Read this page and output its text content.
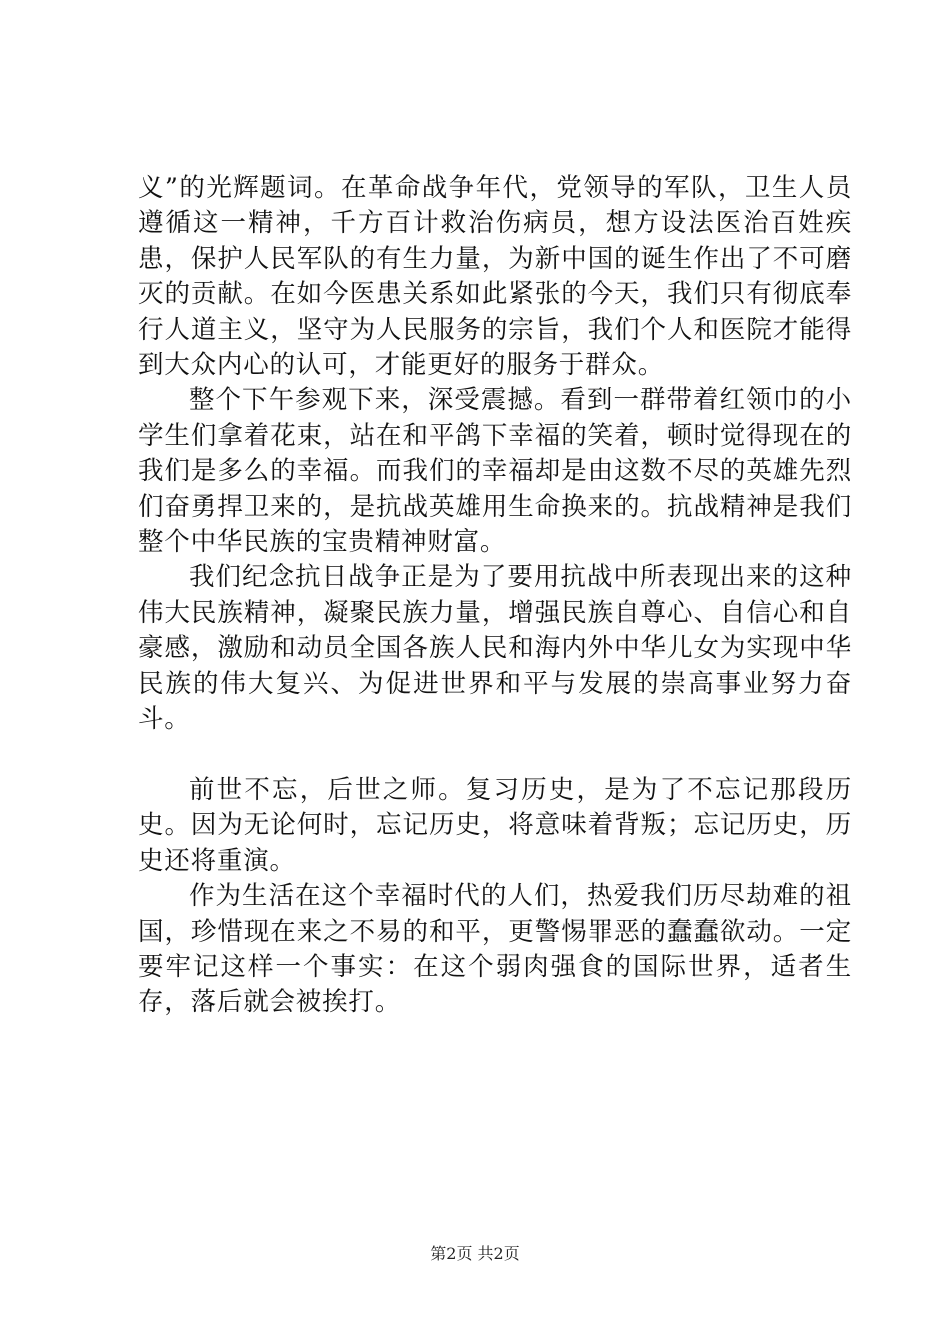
义”的光辉题词。在革命战争年代，党领导的军队，卫生人员遵循这一精神，千方百计救治伤病员，想方设法医治百姓疾患，保护人民军队的有生力量，为新中国的诞生作出了不可磨灭的贡献。在如今医患关系如此紧张的今天，我们只有彻底奉行人道主义，坚守为人民服务的宗旨，我们个人和医院才能得到大众内心的认可，才能更好的服务于群众。

整个下午参观下来，深受震撼。看到一群带着红领巾的小学生们拿着花束，站在和平鸽下幸福的笑着，顿时觉得现在的我们是多么的幸福。而我们的幸福却是由这数不尽的英雄先烈们奋勇捍卫来的，是抗战英雄用生命换来的。抗战精神是我们整个中华民族的宝贵精神财富。

我们纪念抗日战争正是为了要用抗战中所表现出来的这种伟大民族精神，凝聚民族力量，增强民族自尊心、自信心和自豪感，激励和动员全国各族人民和海内外中华儿女为实现中华民族的伟大复兴、为促进世界和平与发展的崇高事业努力奋斗。

前世不忘，后世之师。复习历史，是为了不忘记那段历史。因为无论何时，忘记历史，将意味着背叛；忘记历史，历史还将重演。

作为生活在这个幸福时代的人们，热爱我们历尽劫难的祖国，珍惜现在来之不易的和平，更警惕罪恶的蠢蠢欲动。一定要牢记这样一个事实：在这个弱肉强食的国际世界，适者生存，落后就会被挨打。

第2页 共2页
